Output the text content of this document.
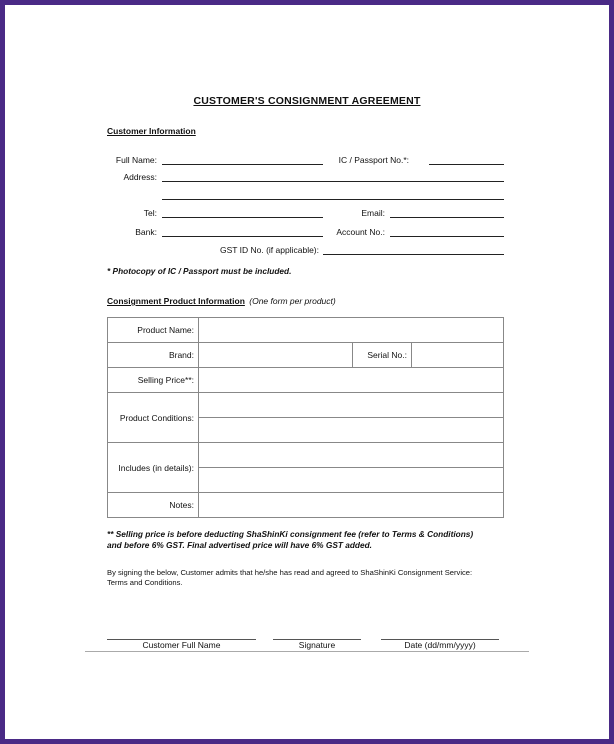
CUSTOMER'S CONSIGNMENT AGREEMENT
Customer Information
Full Name:	IC / Passport No.*:
Address:
Tel:	Email:
Bank:	Account No.:
GST ID No. (if applicable):
* Photocopy of IC / Passport must be included.
Consignment Product Information (One form per product)
Product Name:			
Brand:		Serial No.:	
Selling Price**:			
Product Conditions:			

Includes (in details):			

Notes:			
** Selling price is before deducting ShaShinKi consignment fee (refer to Terms & Conditions)
and before 6% GST. Final advertised price will have 6% GST added.
By signing the below, Customer admits that he/she has read and agreed to ShaShinKi Consignment Service:
Terms and Conditions.
Customer Full Name	Signature	Date (dd/mm/yyyy)
